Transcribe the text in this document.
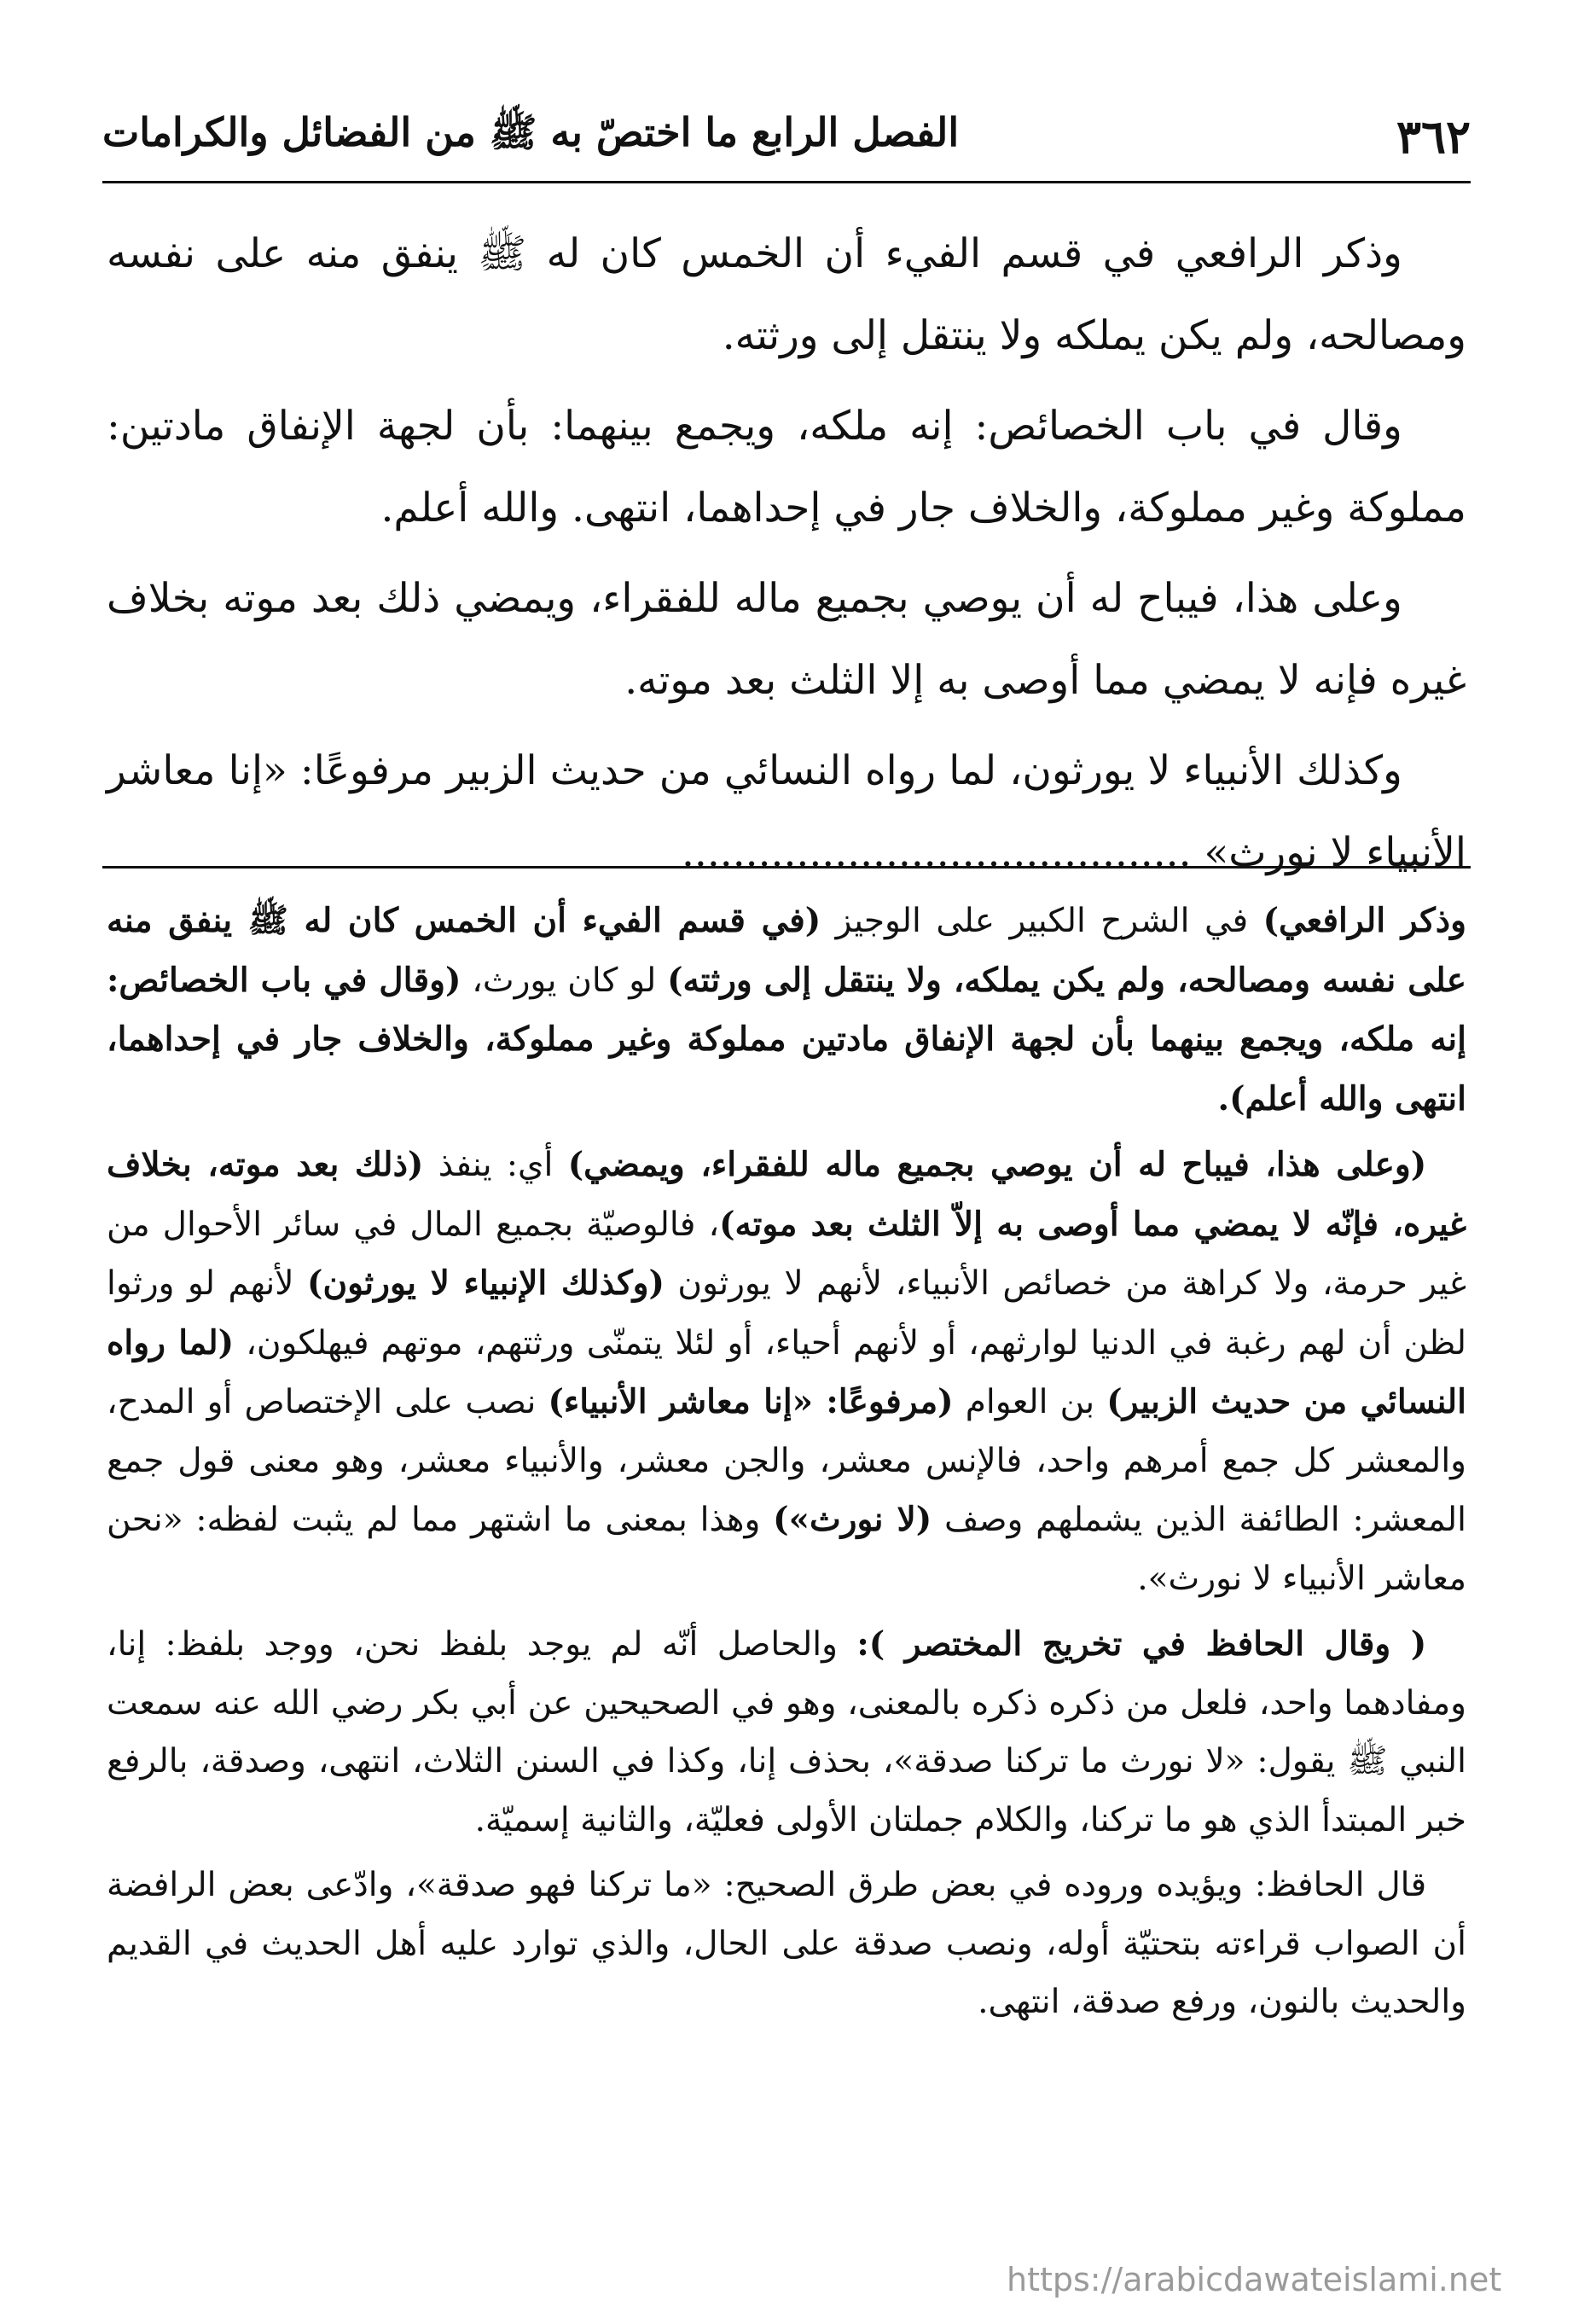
٣٦٢
الفصل الرابع ما اختصّ به ﷺ من الفضائل والكرامات

وذكر الرافعي في قسم الفيء أن الخمس كان له ﷺ ينفق منه على نفسه ومصالحه، ولم يكن يملكه ولا ينتقل إلى ورثته.

وقال في باب الخصائص: إنه ملكه، ويجمع بينهما: بأن لجهة الإنفاق مادتين: مملوكة وغير مملوكة، والخلاف جار في إحداهما، انتهى. والله أعلم.

وعلى هذا، فيباح له أن يوصي بجميع ماله للفقراء، ويمضي ذلك بعد موته بخلاف غيره فإنه لا يمضي مما أوصى به إلا الثلث بعد موته.

وكذلك الأنبياء لا يورثون، لما رواه النسائي من حديث الزبير مرفوعًا: «إنا معاشر الأنبياء لا نورث» ........................................

وذكر الرافعي) في الشرح الكبير على الوجيز (في قسم الفيء أن الخمس كان له ﷺ ينفق منه على نفسه ومصالحه، ولم يكن يملكه، ولا ينتقل إلى ورثته) لو كان يورث، (وقال في باب الخصائص: إنه ملكه، ويجمع بينهما بأن لجهة الإنفاق مادتين مملوكة وغير مملوكة، والخلاف جار في إحداهما، انتهى والله أعلم).

(وعلى هذا، فيباح له أن يوصي بجميع ماله للفقراء، ويمضي) أي: ينفذ (ذلك بعد موته، بخلاف غيره، فإنّه لا يمضي مما أوصى به إلاّ الثلث بعد موته)، فالوصيّة بجميع المال في سائر الأحوال من غير حرمة، ولا كراهة من خصائص الأنبياء، لأنهم لا يورثون (وكذلك الإنبياء لا يورثون) لأنهم لو ورثوا لظن أن لهم رغبة في الدنيا لوارثهم، أو لأنهم أحياء، أو لئلا يتمنّى ورثتهم، موتهم فيهلكون، (لما رواه النسائي من حديث الزبير) بن العوام (مرفوعًا: «إنا معاشر الأنبياء) نصب على الإختصاص أو المدح، والمعشر كل جمع أمرهم واحد، فالإنس معشر، والجن معشر، والأنبياء معشر، وهو معنى قول جمع المعشر: الطائفة الذين يشملهم وصف (لا نورث») وهذا بمعنى ما اشتهر مما لم يثبت لفظه: «نحن معاشر الأنبياء لا نورث».

( وقال الحافظ في تخريج المختصر ): والحاصل أنّه لم يوجد بلفظ نحن، ووجد بلفظ: إنا، ومفادهما واحد، فلعل من ذكره ذكره بالمعنى، وهو في الصحيحين عن أبي بكر رضي الله عنه سمعت النبي ﷺ يقول: «لا نورث ما تركنا صدقة»، بحذف إنا، وكذا في السنن الثلاث، انتهى، وصدقة، بالرفع خبر المبتدأ الذي هو ما تركنا، والكلام جملتان الأولى فعليّة، والثانية إسميّة.

قال الحافظ: ويؤيده وروده في بعض طرق الصحيح: «ما تركنا فهو صدقة»، وادّعى بعض الرافضة أن الصواب قراءته بتحتيّة أوله، ونصب صدقة على الحال، والذي توارد عليه أهل الحديث في القديم والحديث بالنون، ورفع صدقة، انتهى.

https://arabicdawateislami.net
